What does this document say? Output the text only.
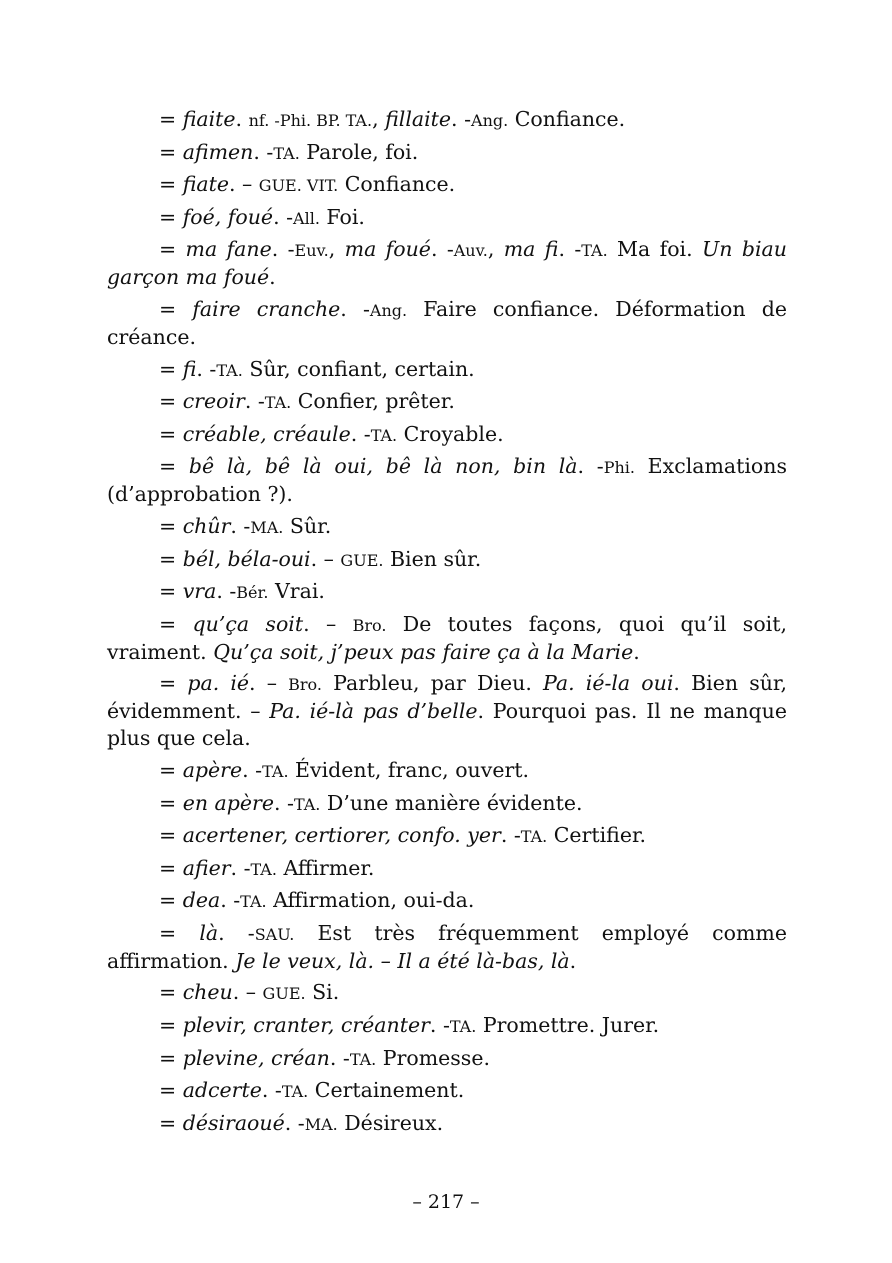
= fiaite. nf. -Phi. BP. TA., fillaite. -Ang. Confiance.

= afimen. -TA. Parole, foi.

= fiate. – GUE. VIT. Confiance.

= foé, foué. -All. Foi.

= ma fane. -Euv., ma foué. -Auv., ma fi. -TA. Ma foi. Un biau garçon ma foué.

= faire cranche. -Ang. Faire confiance. Déformation de créance.

= fi. -TA. Sûr, confiant, certain.

= creoir. -TA. Confier, prêter.

= créable, créaule. -TA. Croyable.

= bê là, bê là oui, bê là non, bin là. -Phi. Exclamations (d’approbation ?).

= chûr. -MA. Sûr.

= bél, béla-oui. – GUE. Bien sûr.

= vra. -Bér. Vrai.

= qu’ça soit. – Bro. De toutes façons, quoi qu’il soit, vraiment. Qu’ça soit, j’peux pas faire ça à la Marie.

= pa. ié. – Bro. Parbleu, par Dieu. Pa. ié-la oui. Bien sûr, évidemment. – Pa. ié-là pas d’belle. Pourquoi pas. Il ne manque plus que cela.

= apère. -TA. Évident, franc, ouvert.

= en apère. -TA. D’une manière évidente.

= acertener, certiorer, confo. yer. -TA. Certifier.

= afier. -TA. Affirmer.

= dea. -TA. Affirmation, oui-da.

= là. -SAU. Est très fréquemment employé comme affirmation. Je le veux, là. – Il a été là-bas, là.

= cheu. – GUE. Si.

= plevir, cranter, créanter. -TA. Promettre. Jurer.

= plevine, créan. -TA. Promesse.

= adcerte. -TA. Certainement.

= désiraoué. -MA. Désireux.

– 217 –
